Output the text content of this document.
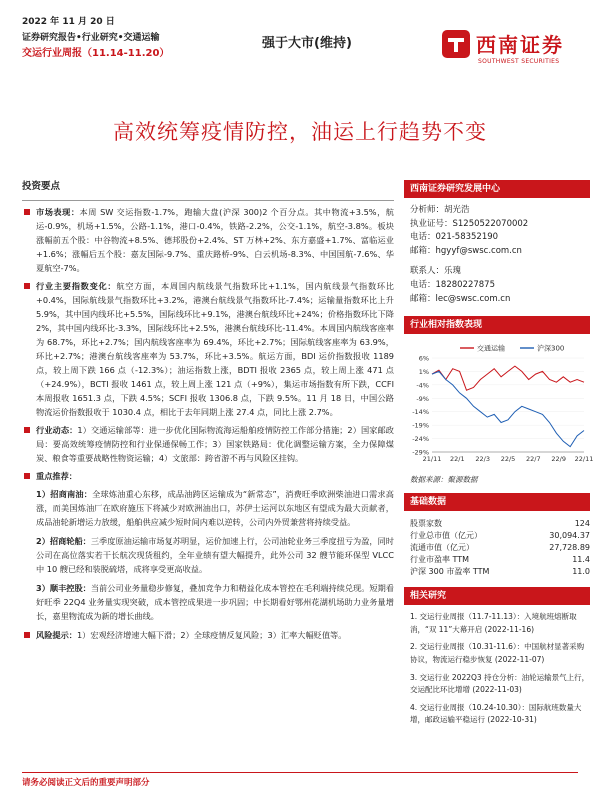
2022 年 11 月 20 日
证券研究报告•行业研究•交通运输
交运行业周报（11.14-11.20）
强于大市(维持)	西南证券
SOUTHWEST SECURITIES
高效统筹疫情防控，油运上行趋势不变
投资要点
市场表现：本周 SW 交运指数-1.7%，跑输大盘(沪深 300)2 个百分点。其中物流+3.5%，航运-0.9%，机场+1.5%，公路-1.1%，港口-0.4%，铁路-2.2%，公交-1.1%，航空-3.8%。板块涨幅前五个股：中谷物流+8.5%、德邦股份+2.4%、ST 万林+2%、东方嘉盛+1.7%、富临运业+1.6%；涨幅后五个股：嘉友国际-9.7%、重庆路桥-9%、白云机场-8.3%、中国国航-7.6%、华夏航空-7%。
行业主要指数变化：航空方面，本周国内航线景气指数环比+1.1%，国内航线景气指数环比+0.4%，国际航线景气指数环比+3.2%，港澳台航线景气指数环比-7.4%；运输量指数环比上升 5.9%，其中国内线环比+5.5%，国际线环比+9.1%，港澳台航线环比+24%；价格指数环比下降 2%，其中国内线环比-3.3%，国际线环比+2.5%，港澳台航线环比-11.4%。本周国内航线客座率为 68.7%，环比+2.7%；国内航线客座率为 69.4%，环比+2.7%；国际航线客座率为 63.9%，环比+2.7%；港澳台航线客座率为 53.7%，环比+3.5%。航运方面，BDI 运价指数报收 1189 点，较上周下跌 166 点（-12.3%）；油运指数上涨，BDTI 报收 2365 点，较上周上涨 471 点（+24.9%），BCTI 报收 1461 点，较上周上涨 121 点（+9%），集运市场指数有所下跌，CCFI 本周报收 1651.3 点，下跌 4.5%；SCFI 报收 1306.8 点，下跌 9.5%。11 月 18 日，中国公路物流运价指数报收于 1030.4 点，相比于去年同期上涨 27.4 点，同比上涨 2.7%。
行业动态：1）交通运输部等：进一步优化国际物流海运船舶疫情防控工作部分措施；2）国家邮政局：要高效统筹疫情防控和行业保通保畅工作；3）国家铁路局：优化调整运输方案，全力保障煤炭、粮食等重要战略性物资运输；4）文旅部：跨省游不再与风险区挂钩。
重点推荐：
1）招商南油：全球炼油重心东移，成品油跨区运输成为“新常态”，消费旺季欧洲柴油进口需求高涨，而美国炼油厂在欧府施压下将减少对欧洲油出口，苏伊士运河以东地区有望成为最大贡献者，成品油轮新增运力放缓，船舶供应减少短时间内难以逆转，公司内外贸兼营将持续受益。
2）招商轮船：三季度原油运输市场复苏明显，运价加速上行，公司油轮业务三季度扭亏为盈，同时公司在高位落实若干长航次现货租约，全年业绩有望大幅提升，此外公司 32 艘节能环保型 VLCC 中 10 艘已经和装脱硫塔，成将享受更高收益。
3）顺丰控股：当前公司业务量稳步修复，叠加竞争力和精益化成本管控在毛利端持续兑现。短期看好旺季 22Q4 业务量实现突破，成本管控成果进一步巩固；中长期看好鄂州花湖机场助力业务量增长，嘉里物流成为新的增长曲线。
风险提示：1）宏观经济增速大幅下滑；2）全球疫情反复风险；3）汇率大幅贬值等。
西南证券研究发展中心
分析师：胡光浩
执业证号：S1250522070002
电话：021-58352190
邮箱：hgyyf@swsc.com.cn
联系人：乐瑰
电话：18280227875
邮箱：lec@swsc.com.cn
行业相对指数表现
6%
1%
-4%
-9%
-14%
-19%
-24%
-29%
21/11 22/1 22/3 22/5 22/7 22/9 22/11
交通运输	沪深300
数据来源：聚源数据
基础数据
股票家数	124
行业总市值（亿元）	30,094.37
流通市值（亿元）	27,728.89
行业市盈率 TTM	11.4
沪深 300 市盈率 TTM	11.0
相关研究
1. 交运行业周报（11.7-11.13）：入境航班熔断取消，“双 11”大幕开启 (2022-11-16)
2. 交运行业周报（10.31-11.6）：中国航材显著采购协议，物流运行稳步恢复 (2022-11-07)
3. 交运行业 2022Q3 持仓分析：油轮运输景气上行，交运配比环比增增 (2022-11-03)
4. 交运行业周报（10.24-10.30）：国际航班数量大增，邮政运输平稳运行 (2022-10-31)
请务必阅读正文后的重要声明部分
